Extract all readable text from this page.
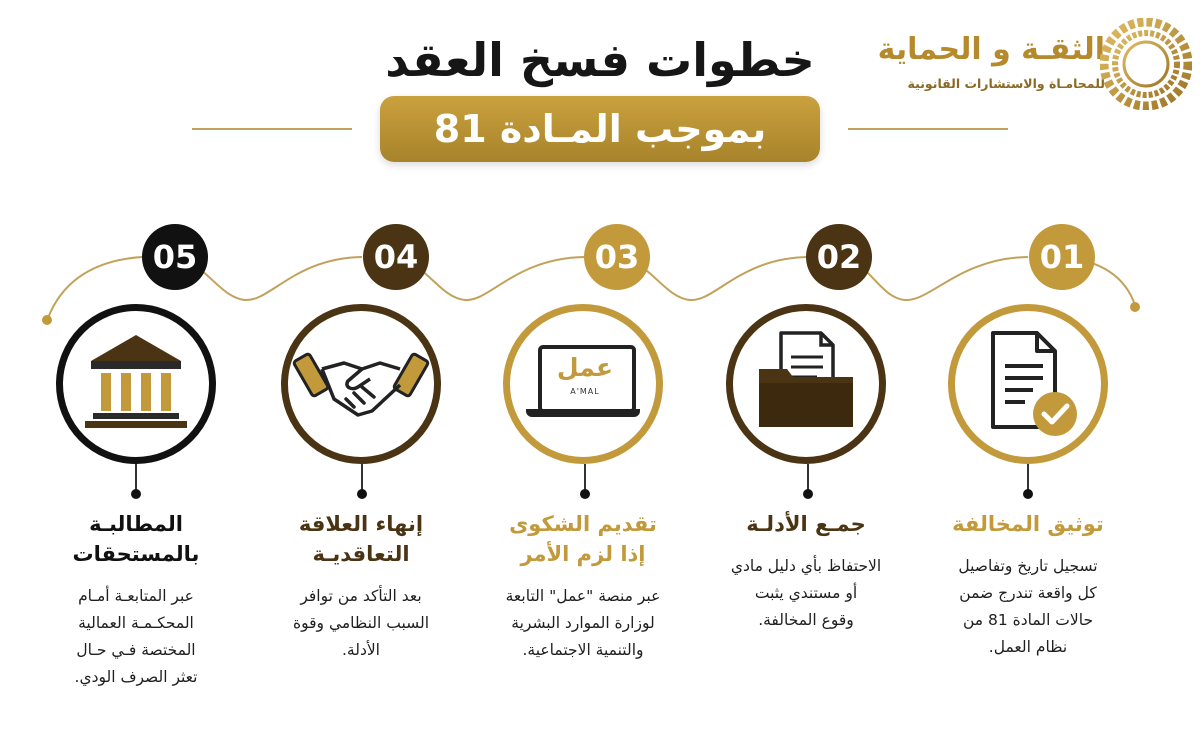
خطوات فسخ العقد
بموجب المـادة 81
الثقـة و الحماية
للمحامـاة والاستشارات القانونية
01
توثيق المخالفة
تسجيل تاريخ وتفاصيل
كل واقعة تندرج ضمن
حالات المادة 81 من
نظام العمل.
02
جمـع الأدلـة
الاحتفاظ بأي دليل مادي
أو مستندي يثبت
وقوع المخالفة.
03
عمل
A'MAL
تقديم الشكوى
إذا لزم الأمر
عبر منصة "عمل" التابعة
لوزارة الموارد البشرية
والتنمية الاجتماعية.
04
إنهاء العلاقة
التعاقديـة
بعد التأكد من توافر
السبب النظامي وقوة
الأدلة.
05
المطالبـة
بالمستحقات
عبر المتابعـة أمـام
المحكـمـة العمالية
المختصة فـي حـال
تعثر الصرف الودي.
